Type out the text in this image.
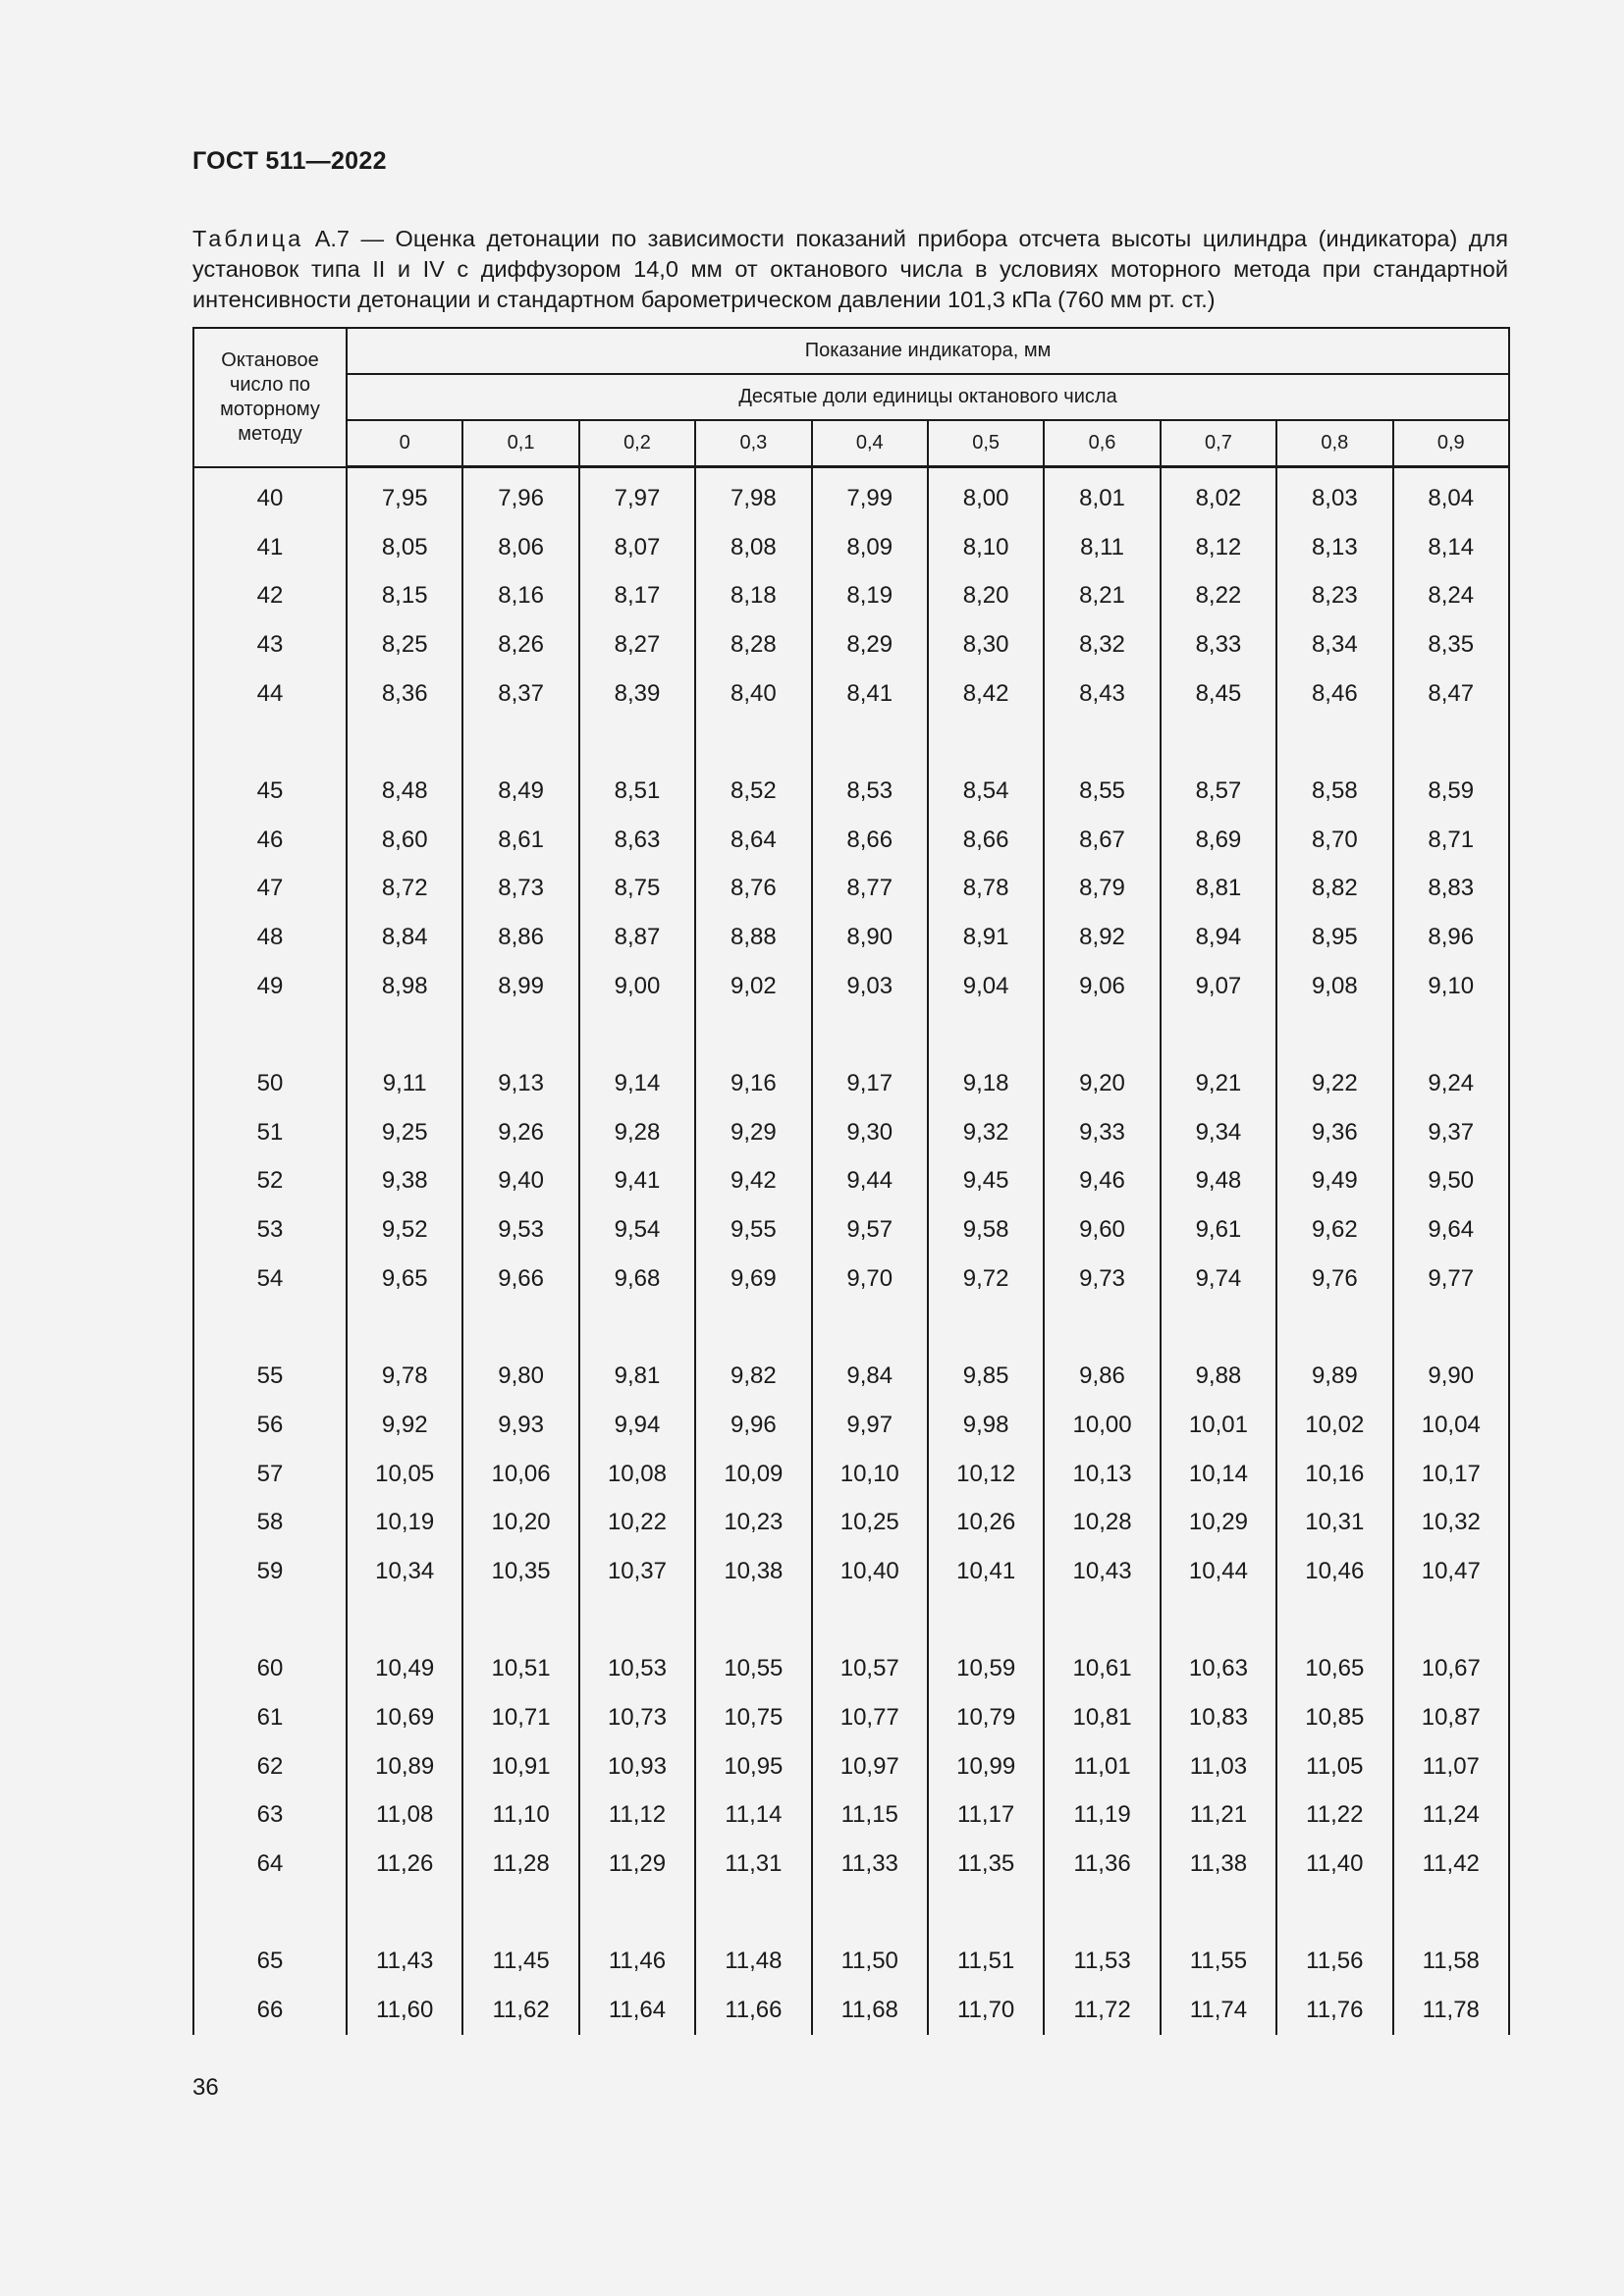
ГОСТ 511—2022
Таблица А.7 — Оценка детонации по зависимости показаний прибора отсчета высоты цилиндра (индикатора) для установок типа II и IV с диффузором 14,0 мм от октанового числа в условиях моторного метода при стандартной интенсивности детонации и стандартном барометрическом давлении 101,3 кПа (760 мм рт. ст.)
Октановое число по моторному методу	Показание индикатора, мм									
	Десятые доли единицы октанового числа									
	0	0,1	0,2	0,3	0,4	0,5	0,6	0,7	0,8	0,9
40	7,95	7,96	7,97	7,98	7,99	8,00	8,01	8,02	8,03	8,04
41	8,05	8,06	8,07	8,08	8,09	8,10	8,11	8,12	8,13	8,14
42	8,15	8,16	8,17	8,18	8,19	8,20	8,21	8,22	8,23	8,24
43	8,25	8,26	8,27	8,28	8,29	8,30	8,32	8,33	8,34	8,35
44	8,36	8,37	8,39	8,40	8,41	8,42	8,43	8,45	8,46	8,47

45	8,48	8,49	8,51	8,52	8,53	8,54	8,55	8,57	8,58	8,59
46	8,60	8,61	8,63	8,64	8,66	8,66	8,67	8,69	8,70	8,71
47	8,72	8,73	8,75	8,76	8,77	8,78	8,79	8,81	8,82	8,83
48	8,84	8,86	8,87	8,88	8,90	8,91	8,92	8,94	8,95	8,96
49	8,98	8,99	9,00	9,02	9,03	9,04	9,06	9,07	9,08	9,10

50	9,11	9,13	9,14	9,16	9,17	9,18	9,20	9,21	9,22	9,24
51	9,25	9,26	9,28	9,29	9,30	9,32	9,33	9,34	9,36	9,37
52	9,38	9,40	9,41	9,42	9,44	9,45	9,46	9,48	9,49	9,50
53	9,52	9,53	9,54	9,55	9,57	9,58	9,60	9,61	9,62	9,64
54	9,65	9,66	9,68	9,69	9,70	9,72	9,73	9,74	9,76	9,77

55	9,78	9,80	9,81	9,82	9,84	9,85	9,86	9,88	9,89	9,90
56	9,92	9,93	9,94	9,96	9,97	9,98	10,00	10,01	10,02	10,04
57	10,05	10,06	10,08	10,09	10,10	10,12	10,13	10,14	10,16	10,17
58	10,19	10,20	10,22	10,23	10,25	10,26	10,28	10,29	10,31	10,32
59	10,34	10,35	10,37	10,38	10,40	10,41	10,43	10,44	10,46	10,47

60	10,49	10,51	10,53	10,55	10,57	10,59	10,61	10,63	10,65	10,67
61	10,69	10,71	10,73	10,75	10,77	10,79	10,81	10,83	10,85	10,87
62	10,89	10,91	10,93	10,95	10,97	10,99	11,01	11,03	11,05	11,07
63	11,08	11,10	11,12	11,14	11,15	11,17	11,19	11,21	11,22	11,24
64	11,26	11,28	11,29	11,31	11,33	11,35	11,36	11,38	11,40	11,42

65	11,43	11,45	11,46	11,48	11,50	11,51	11,53	11,55	11,56	11,58
66	11,60	11,62	11,64	11,66	11,68	11,70	11,72	11,74	11,76	11,78
36
